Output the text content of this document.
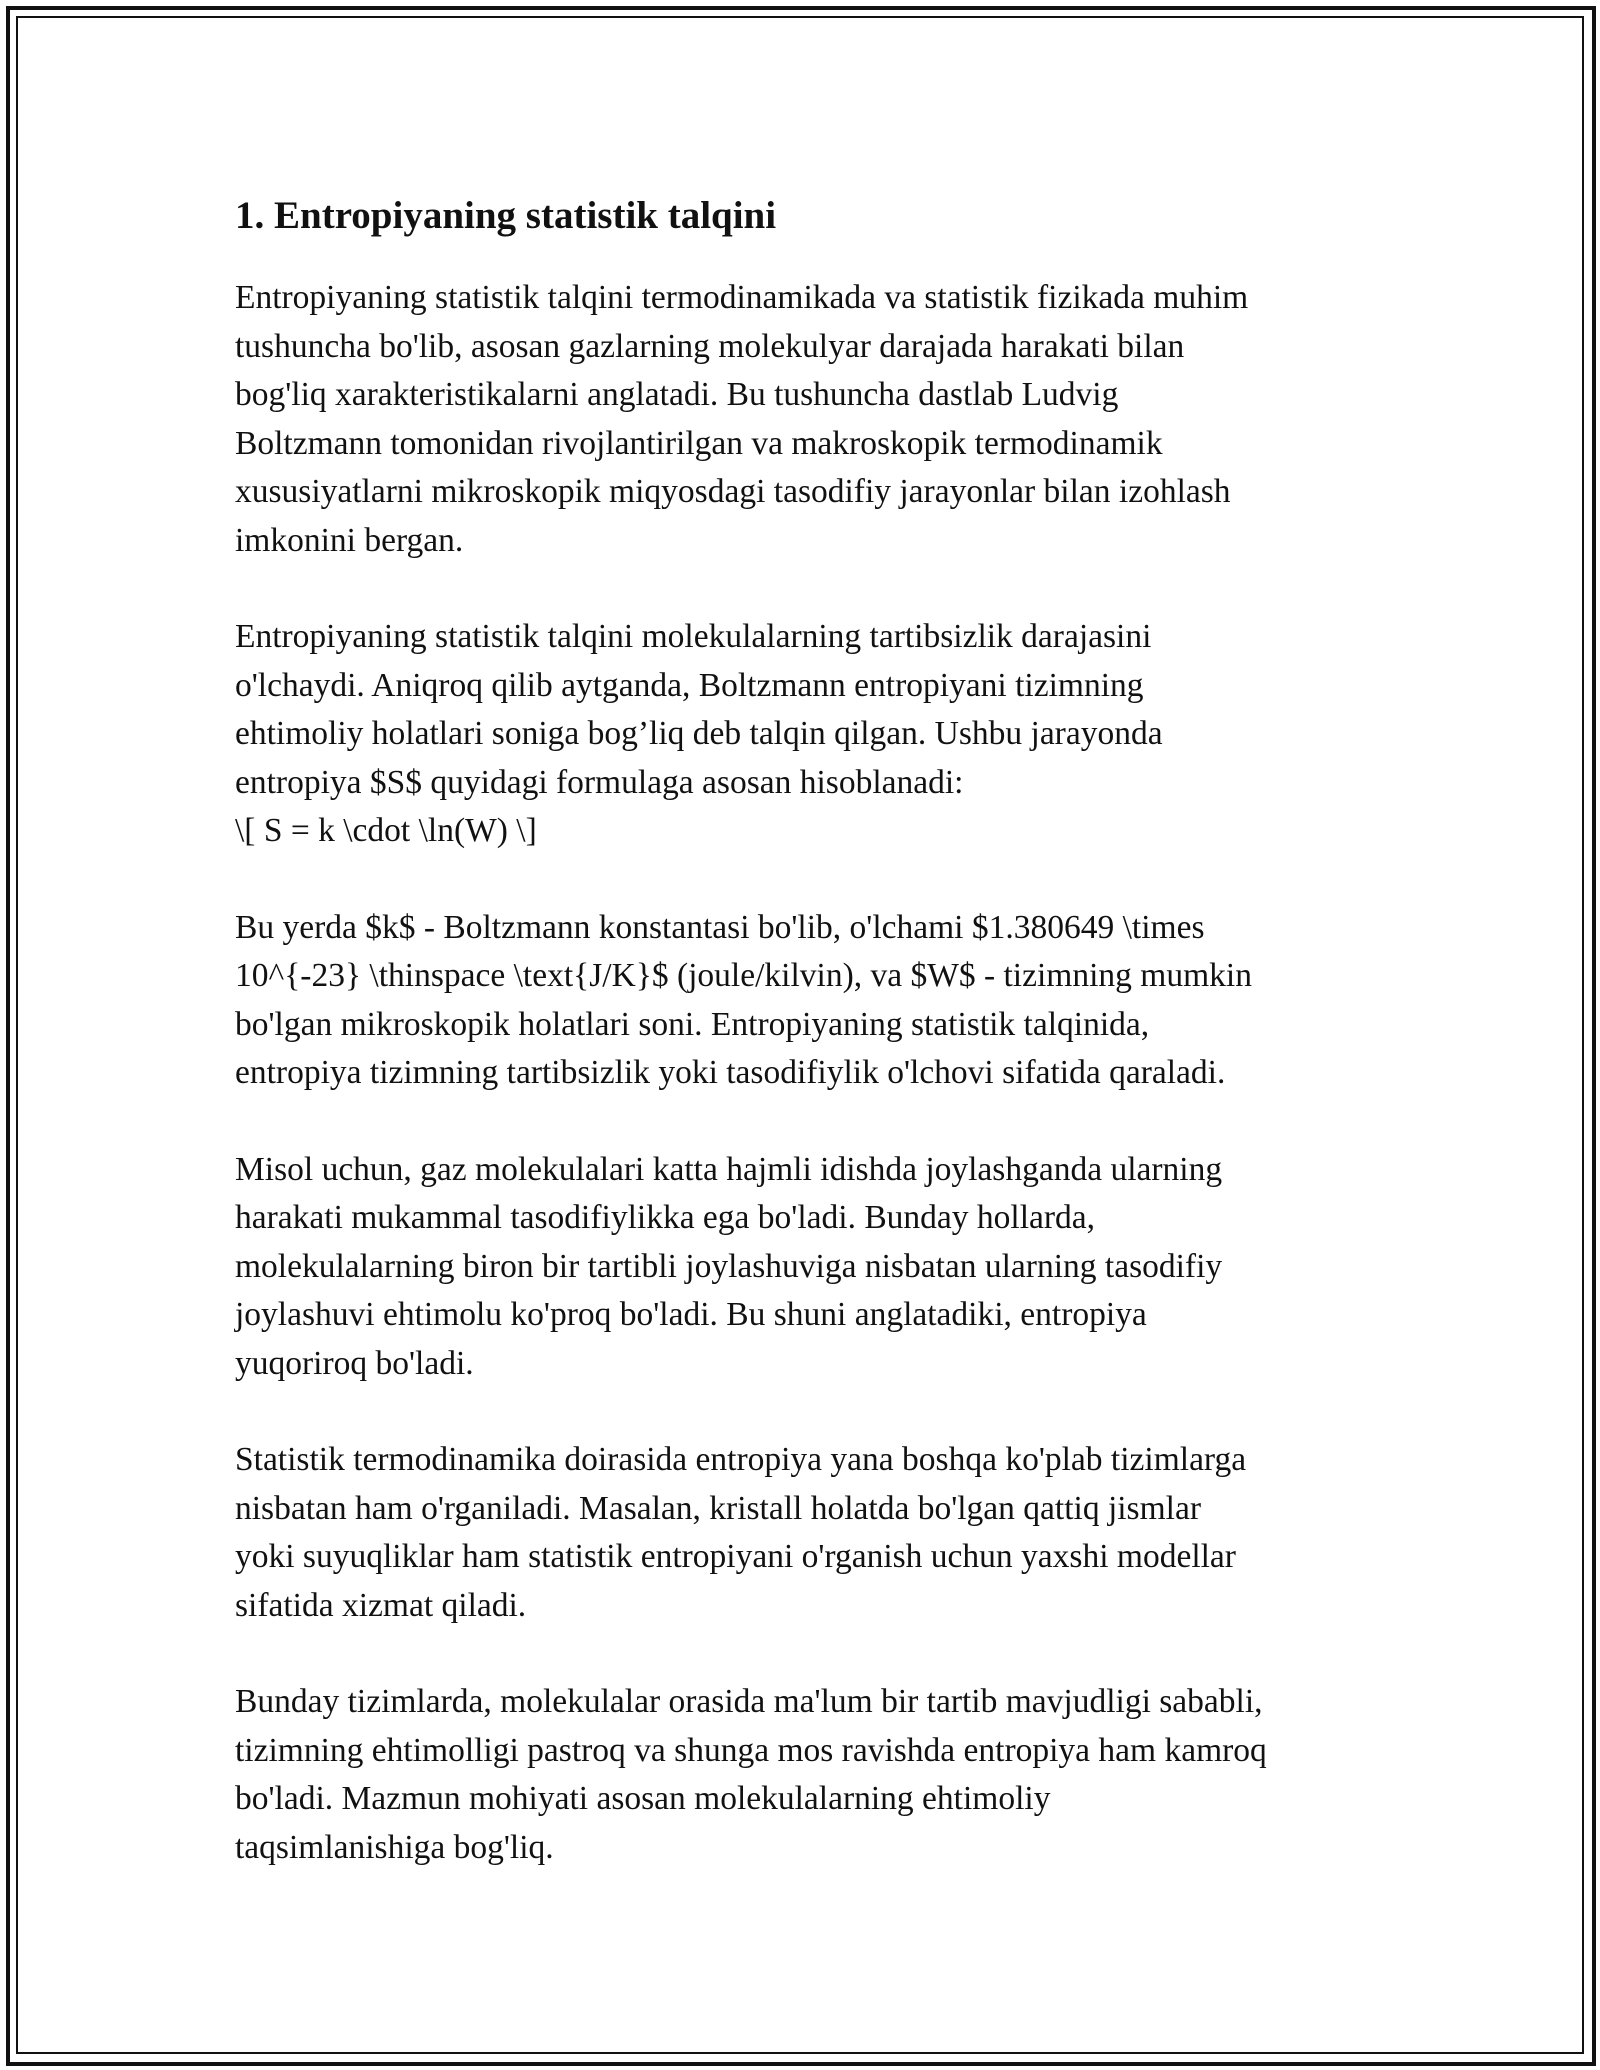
1. Entropiyaning statistik talqini

Entropiyaning statistik talqini termodinamikada va statistik fizikada muhim
tushuncha bo'lib, asosan gazlarning molekulyar darajada harakati bilan
bog'liq xarakteristikalarni anglatadi. Bu tushuncha dastlab Ludvig
Boltzmann tomonidan rivojlantirilgan va makroskopik termodinamik
xususiyatlarni mikroskopik miqyosdagi tasodifiy jarayonlar bilan izohlash
imkonini bergan.

Entropiyaning statistik talqini molekulalarning tartibsizlik darajasini
o'lchaydi. Aniqroq qilib aytganda, Boltzmann entropiyani tizimning
ehtimoliy holatlari soniga bog’liq deb talqin qilgan. Ushbu jarayonda
entropiya $S$ quyidagi formulaga asosan hisoblanadi:
\[ S = k \cdot \ln(W) \]

Bu yerda $k$ - Boltzmann konstantasi bo'lib, o'lchami $1.380649 \times
10^{-23} \thinspace \text{J/K}$ (joule/kilvin), va $W$ - tizimning mumkin
bo'lgan mikroskopik holatlari soni. Entropiyaning statistik talqinida,
entropiya tizimning tartibsizlik yoki tasodifiylik o'lchovi sifatida qaraladi.

Misol uchun, gaz molekulalari katta hajmli idishda joylashganda ularning
harakati mukammal tasodifiylikka ega bo'ladi. Bunday hollarda,
molekulalarning biron bir tartibli joylashuviga nisbatan ularning tasodifiy
joylashuvi ehtimolu ko'proq bo'ladi. Bu shuni anglatadiki, entropiya
yuqoriroq bo'ladi.

Statistik termodinamika doirasida entropiya yana boshqa ko'plab tizimlarga
nisbatan ham o'rganiladi. Masalan, kristall holatda bo'lgan qattiq jismlar
yoki suyuqliklar ham statistik entropiyani o'rganish uchun yaxshi modellar
sifatida xizmat qiladi.

Bunday tizimlarda, molekulalar orasida ma'lum bir tartib mavjudligi sababli,
tizimning ehtimolligi pastroq va shunga mos ravishda entropiya ham kamroq
bo'ladi. Mazmun mohiyati asosan molekulalarning ehtimoliy
taqsimlanishiga bog'liq.
